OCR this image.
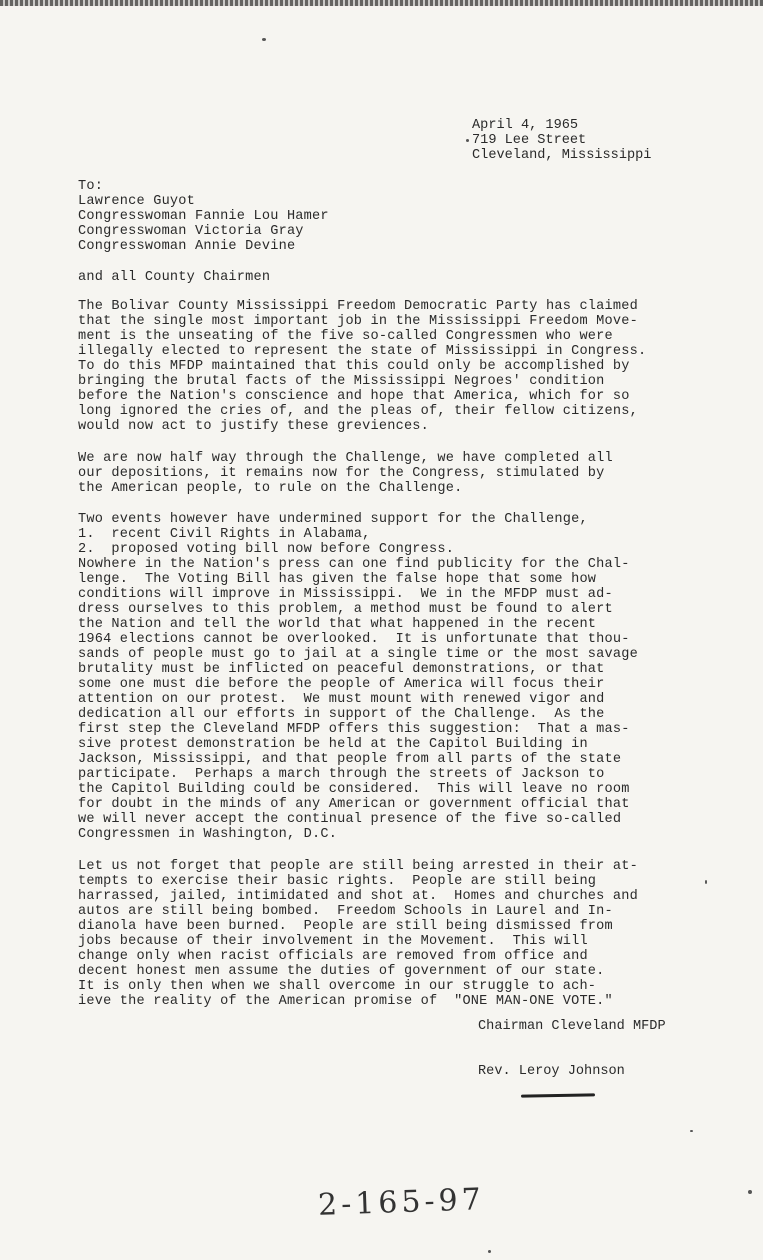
April 4, 1965
719 Lee Street
Cleveland, Mississippi
To:
Lawrence Guyot
Congresswoman Fannie Lou Hamer
Congresswoman Victoria Gray
Congresswoman Annie Devine
and all County Chairmen
The Bolivar County Mississippi Freedom Democratic Party has claimed
that the single most important job in the Mississippi Freedom Move-
ment is the unseating of the five so-called Congressmen who were
illegally elected to represent the state of Mississippi in Congress.
To do this MFDP maintained that this could only be accomplished by
bringing the brutal facts of the Mississippi Negroes' condition
before the Nation's conscience and hope that America, which for so
long ignored the cries of, and the pleas of, their fellow citizens,
would now act to justify these greviences.
We are now half way through the Challenge, we have completed all
our depositions, it remains now for the Congress, stimulated by
the American people, to rule on the Challenge.
Two events however have undermined support for the Challenge,
1.  recent Civil Rights in Alabama,
2.  proposed voting bill now before Congress.
Nowhere in the Nation's press can one find publicity for the Chal-
lenge.  The Voting Bill has given the false hope that some how
conditions will improve in Mississippi.  We in the MFDP must ad-
dress ourselves to this problem, a method must be found to alert
the Nation and tell the world that what happened in the recent
1964 elections cannot be overlooked.  It is unfortunate that thou-
sands of people must go to jail at a single time or the most savage
brutality must be inflicted on peaceful demonstrations, or that
some one must die before the people of America will focus their
attention on our protest.  We must mount with renewed vigor and
dedication all our efforts in support of the Challenge.  As the
first step the Cleveland MFDP offers this suggestion:  That a mas-
sive protest demonstration be held at the Capitol Building in
Jackson, Mississippi, and that people from all parts of the state
participate.  Perhaps a march through the streets of Jackson to
the Capitol Building could be considered.  This will leave no room
for doubt in the minds of any American or government official that
we will never accept the continual presence of the five so-called
Congressmen in Washington, D.C.
Let us not forget that people are still being arrested in their at-
tempts to exercise their basic rights.  People are still being
harrassed, jailed, intimidated and shot at.  Homes and churches and
autos are still being bombed.  Freedom Schools in Laurel and In-
dianola have been burned.  People are still being dismissed from
jobs because of their involvement in the Movement.  This will
change only when racist officials are removed from office and
decent honest men assume the duties of government of our state.
It is only then when we shall overcome in our struggle to ach-
ieve the reality of the American promise of  "ONE MAN-ONE VOTE."
Chairman Cleveland MFDP
Rev. Leroy Johnson
2-165-97
